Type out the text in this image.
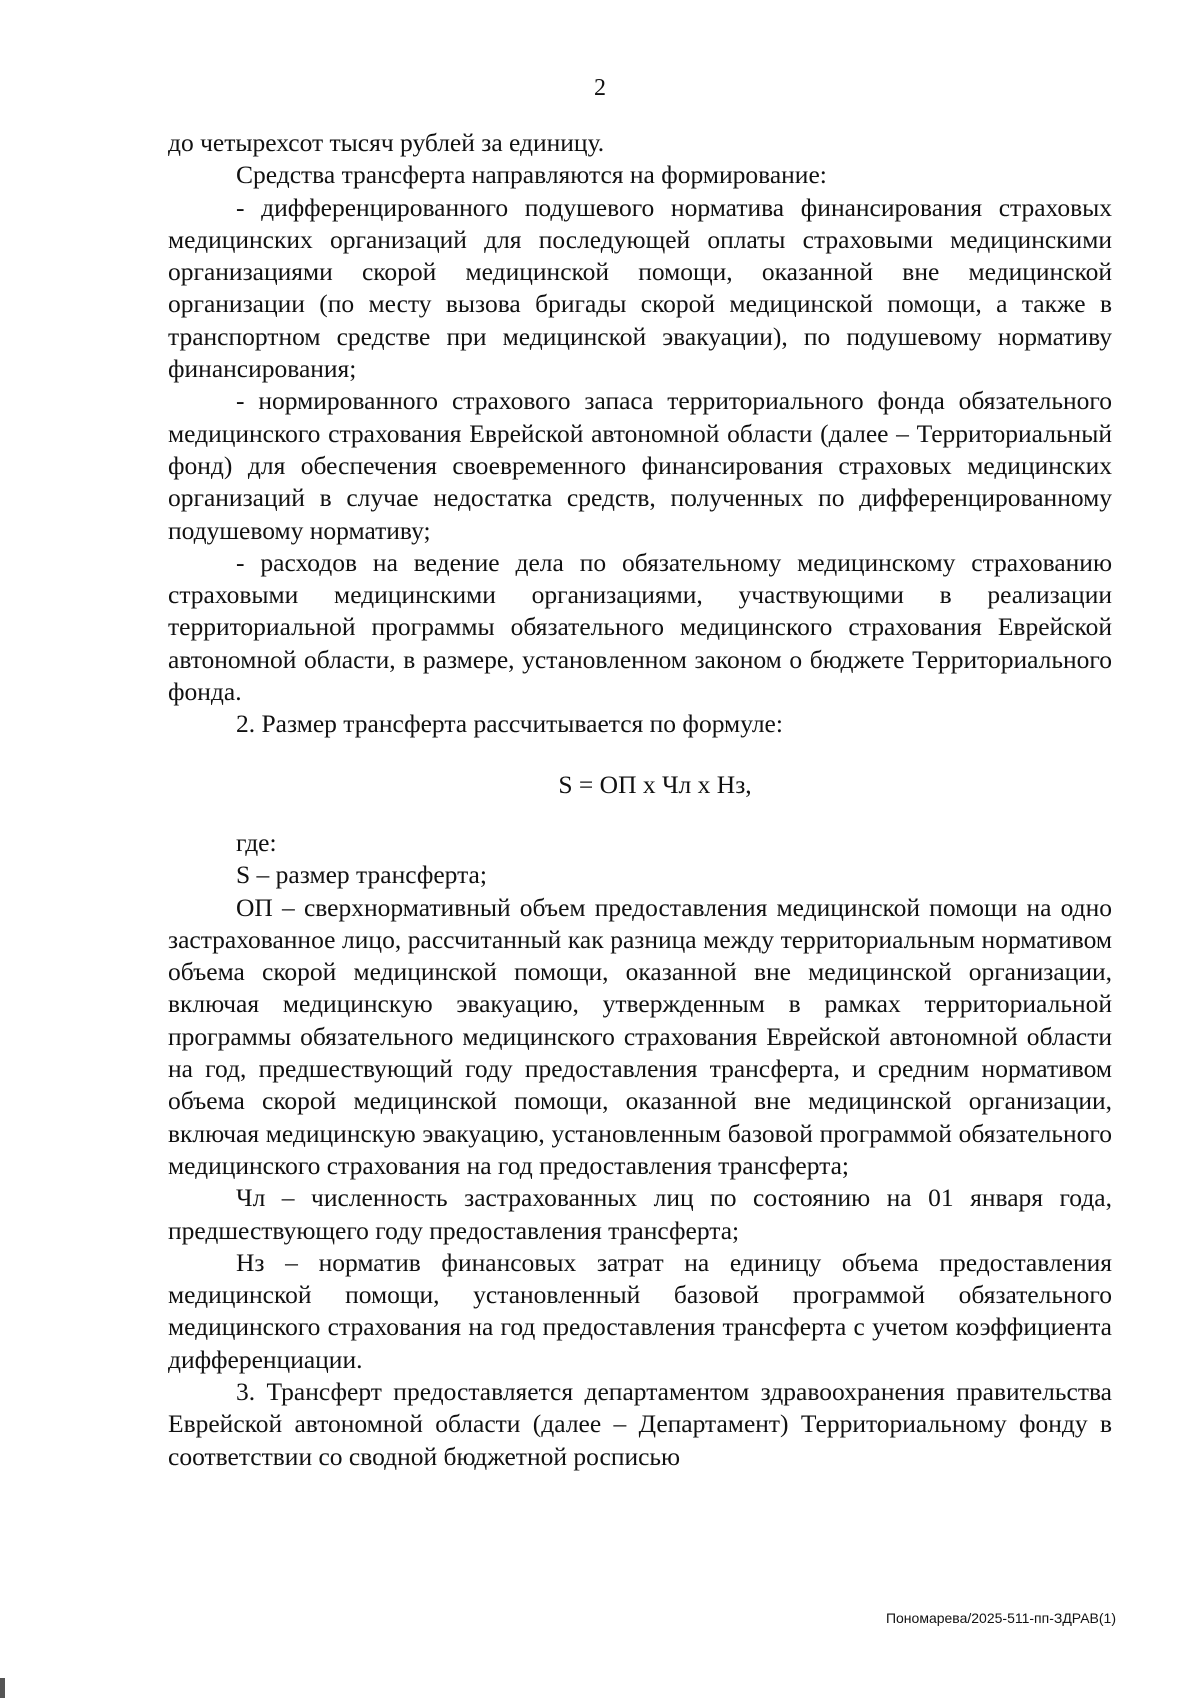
2

до четырехсот тысяч рублей за единицу.

Средства трансферта направляются на формирование:

- дифференцированного подушевого норматива финансирования страховых медицинских организаций для последующей оплаты страховыми медицинскими организациями скорой медицинской помощи, оказанной вне медицинской организации (по месту вызова бригады скорой медицинской помощи, а также в транспортном средстве при медицинской эвакуации), по подушевому нормативу финансирования;

- нормированного страхового запаса территориального фонда обязательного медицинского страхования Еврейской автономной области (далее – Территориальный фонд) для обеспечения своевременного финансирования страховых медицинских организаций в случае недостатка средств, полученных по дифференцированному подушевому нормативу;

- расходов на ведение дела по обязательному медицинскому страхованию страховыми медицинскими организациями, участвующими в реализации территориальной программы обязательного медицинского страхования Еврейской автономной области, в размере, установленном законом о бюджете Территориального фонда.

2. Размер трансферта рассчитывается по формуле:

S = ОП х Чл х Нз,

где:

S – размер трансферта;

ОП – сверхнормативный объем предоставления медицинской помощи на одно застрахованное лицо, рассчитанный как разница между территориальным нормативом объема скорой медицинской помощи, оказанной вне медицинской организации, включая медицинскую эвакуацию, утвержденным в рамках территориальной программы обязательного медицинского страхования Еврейской автономной области на год, предшествующий году предоставления трансферта, и средним нормативом объема скорой медицинской помощи, оказанной вне медицинской организации, включая медицинскую эвакуацию, установленным базовой программой обязательного медицинского страхования на год предоставления трансферта;

Чл – численность застрахованных лиц по состоянию на 01 января года, предшествующего году предоставления трансферта;

Нз – норматив финансовых затрат на единицу объема предоставления медицинской помощи, установленный базовой программой обязательного медицинского страхования на год предоставления трансферта с учетом коэффициента дифференциации.

3. Трансферт предоставляется департаментом здравоохранения правительства Еврейской автономной области (далее – Департамент) Территориальному фонду в соответствии со сводной бюджетной росписью

Пономарева/2025-511-пп-ЗДРАВ(1)
